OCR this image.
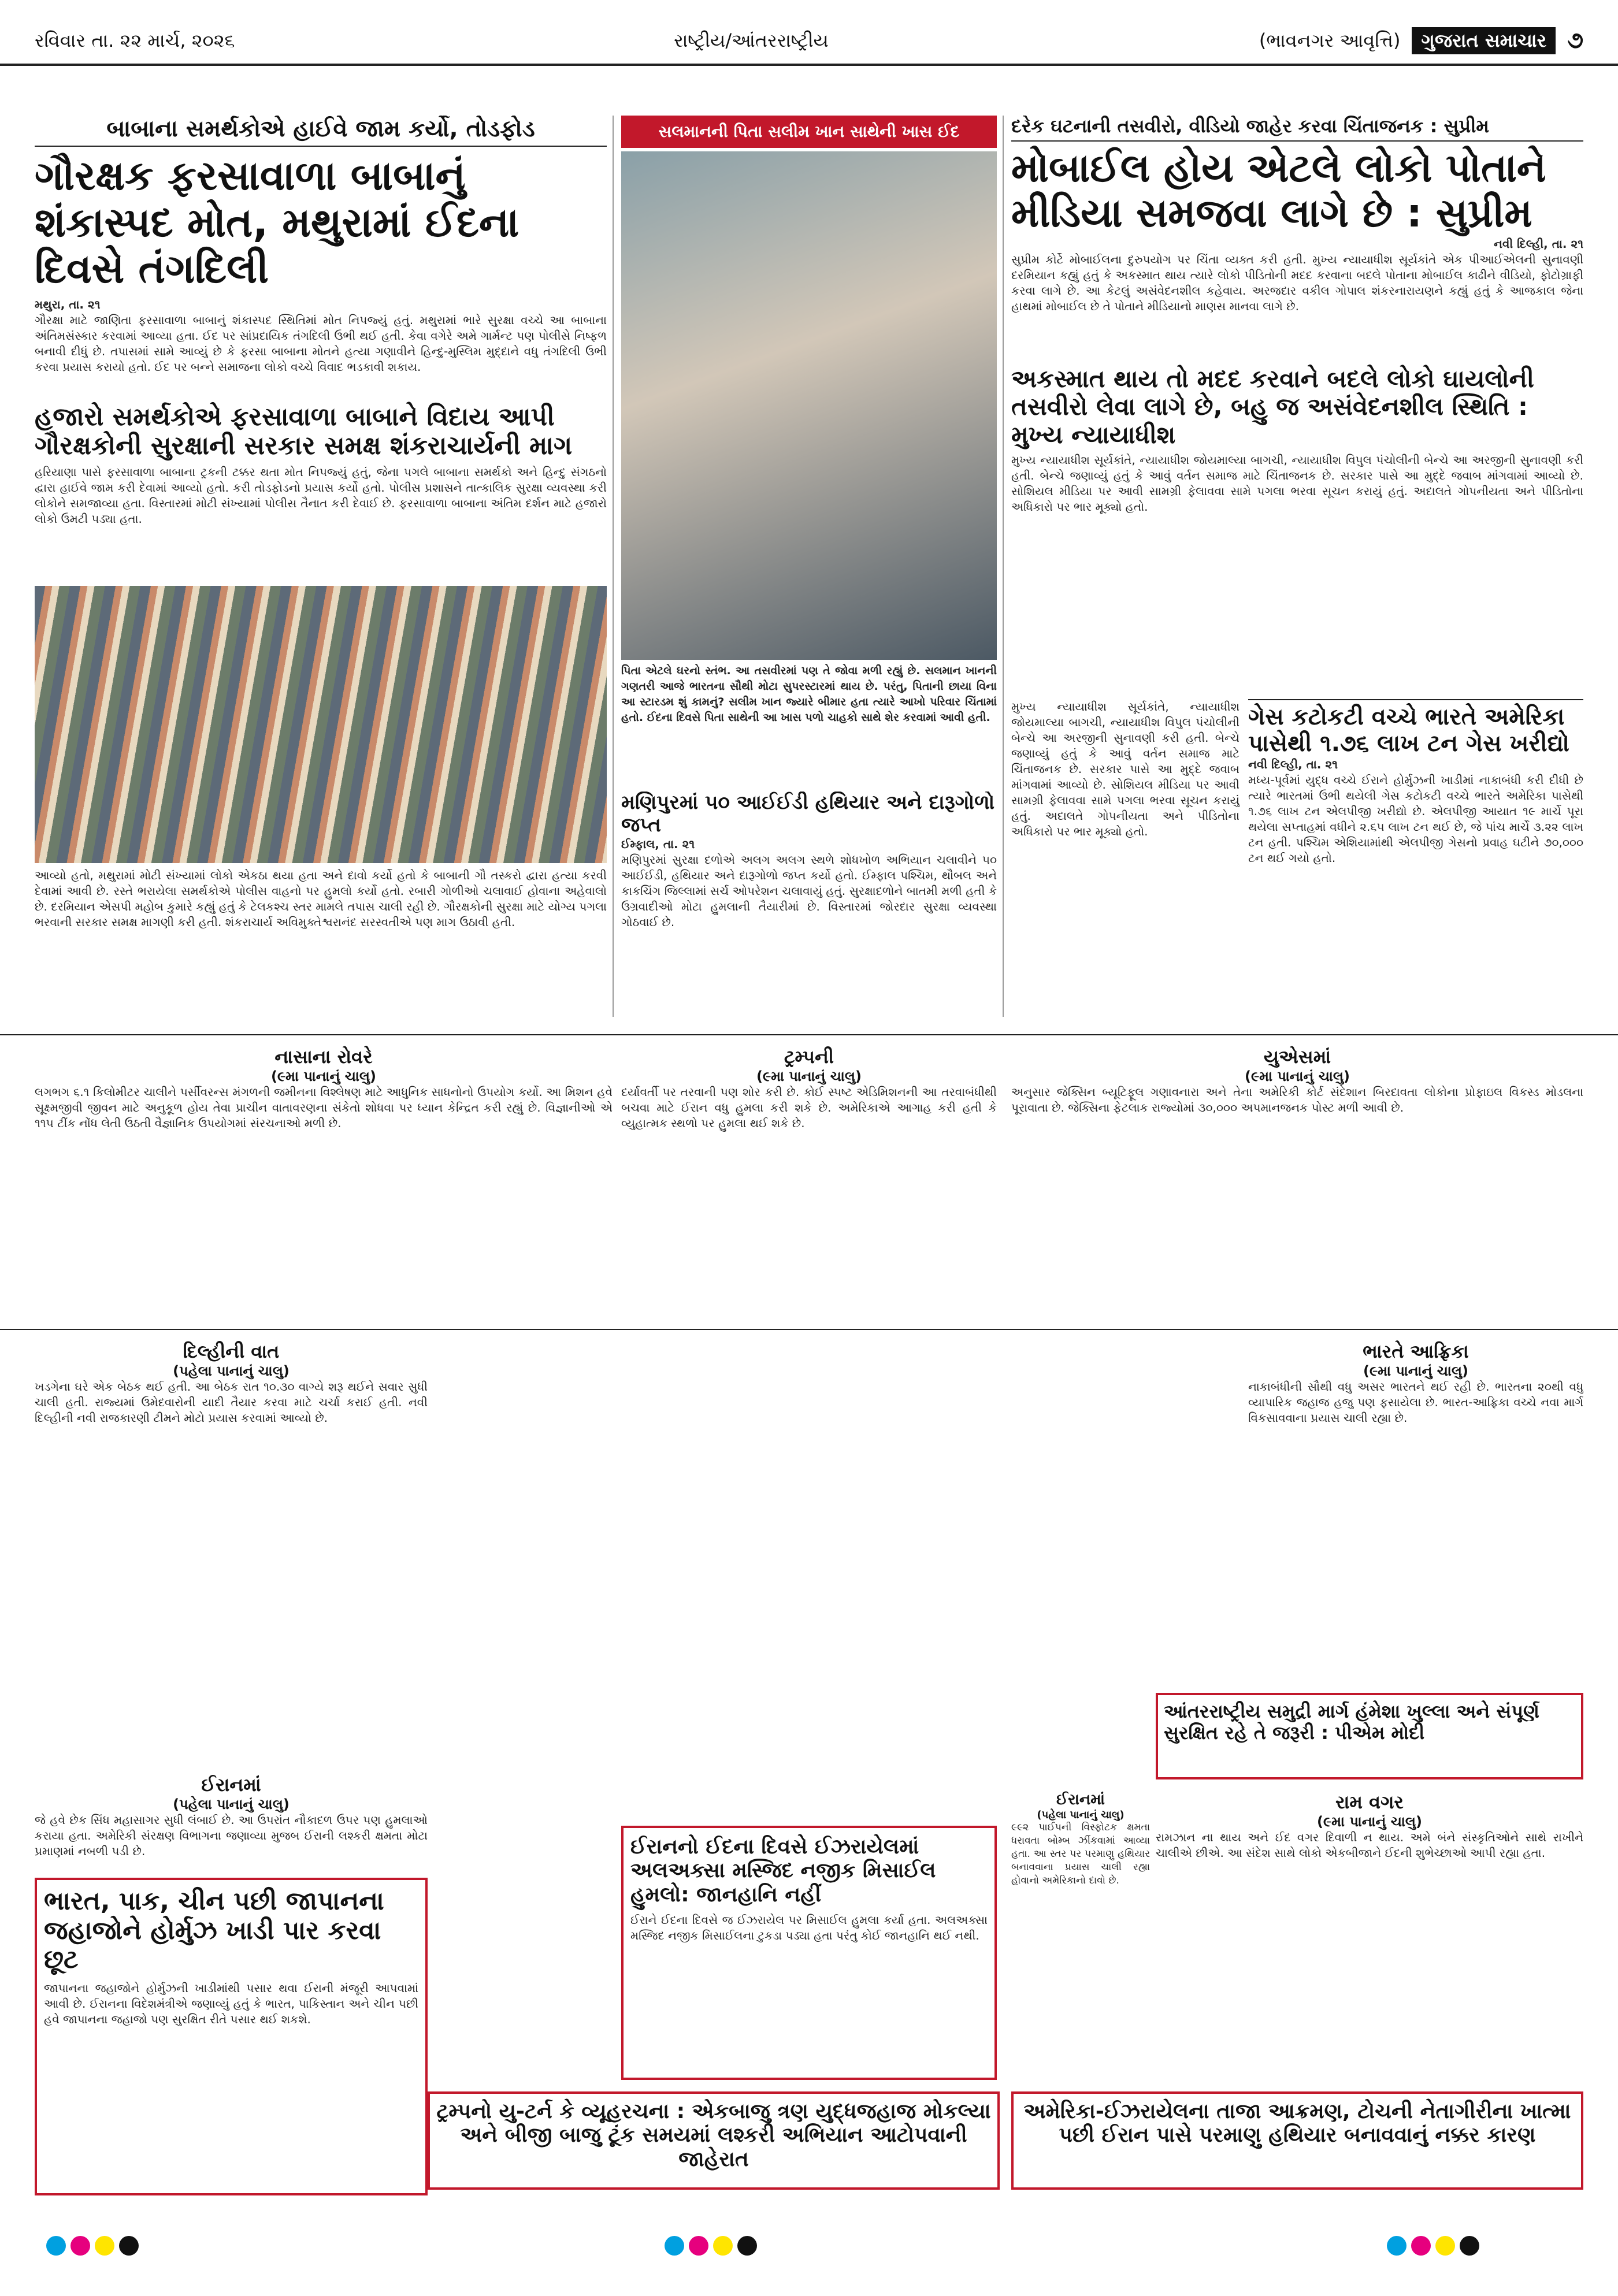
રવિવાર તા. ૨૨ માર્ચ, ૨૦૨૬	રાષ્ટ્રીય/આંતરરાષ્ટ્રીય	(ભાવનગર આવૃત્તિ)	ગુજરાત સમાચાર ૭
બાબાના સમર્થકોએ હાઈવે જામ કર્યો, તોડફોડ
ગૌરક્ષક ફરસાવાળા બાબાનું શંકાસ્પદ મોત, મથુરામાં ઈદના દિવસે તંગદિલી
મથુરા, તા. ૨૧
ગૌરક્ષા માટે જાણિતા ફરસાવાળા બાબાનું શંકાસ્પદ સ્થિતિમાં મોત નિપજ્યું હતું. મથુરામાં ભારે સુરક્ષા વચ્ચે આ બાબાના અંતિમસંસ્કાર કરવામાં આવ્યા હતા. ઈદ પર સાંપ્રદાયિક તંગદિલી ઉભી થઈ હતી. કેવા વગેરે અમે ગાર્મન્ટ પણ પોલીસે નિષ્ફળ બનાવી દીધું છે. તપાસમાં સામે આવ્યું છે કે ફરસા બાબાના મોતને હત્યા ગણાવીને હિન્દુ-મુસ્લિમ મુદ્દાને વધુ તંગદિલી ઉભી કરવા પ્રયાસ કરાયો હતો. ઈદ પર બન્ને સમાજના લોકો વચ્ચે વિવાદ ભડકાવી શકાય.
હજારો સમર્થકોએ ફરસાવાળા બાબાને વિદાય આપી ગૌરક્ષકોની સુરક્ષાની સરકાર સમક્ષ શંકરાચાર્યની માગ
હરિયાણા પાસે ફરસાવાળા બાબાના ટ્રકની ટક્કર થતા મોત નિપજ્યું હતું, જેના પગલે બાબાના સમર્થકો અને હિન્દુ સંગઠનો દ્વારા હાઈવે જામ કરી દેવામાં આવ્યો હતો. કરી તોડફોડનો પ્રયાસ કર્યો હતો. પોલીસ પ્રશાસને તાત્કાલિક સુરક્ષા વ્યવસ્થા કરી લોકોને સમજાવ્યા હતા. વિસ્તારમાં મોટી સંખ્યામાં પોલીસ તૈનાત કરી દેવાઈ છે. ફરસાવાળા બાબાના અંતિમ દર્શન માટે હજારો લોકો ઉમટી પડ્યા હતા.
આવ્યો હતો, મથુરામાં મોટી સંખ્યામાં લોકો એકઠા થયા હતા અને દાવો કર્યો હતો કે બાબાની ગૌ તસ્કરો દ્વારા હત્યા કરવી દેવામાં આવી છે. રસ્તે ભરાયેલા સમર્થકોએ પોલીસ વાહનો પર હુમલો કર્યો હતો. રબારી ગોળીઓ ચલાવાઈ હોવાના અહેવાલો છે. દરમિયાન એસપી મહોબ કુમારે કહ્યું હતું કે ટેલકશ્ચ સ્તર મામલે તપાસ ચાલી રહી છે. ગૌરક્ષકોની સુરક્ષા માટે યોગ્ય પગલા ભરવાની સરકાર સમક્ષ માગણી કરી હતી. શંકરાચાર્ય અવિમુક્તેશ્વરાનંદ સરસ્વતીએ પણ માગ ઉઠાવી હતી.
સલમાનની પિતા સલીમ ખાન સાથેની ખાસ ઈદ
પિતા એટલે ઘરનો સ્તંભ. આ તસવીરમાં પણ તે જોવા મળી રહ્યું છે. સલમાન ખાનની ગણતરી આજે ભારતના સૌથી મોટા સુપરસ્ટારમાં થાય છે. પરંતુ, પિતાની છાયા વિના આ સ્ટારડમ શું કામનું? સલીમ ખાન જ્યારે બીમાર હતા ત્યારે આખો પરિવાર ચિંતામાં હતો. ઈદના દિવસે પિતા સાથેની આ ખાસ પળો ચાહકો સાથે શેર કરવામાં આવી હતી.
મણિપુરમાં ૫૦ આઈઈડી હથિયાર અને દારૂગોળો જપ્ત
ઈમ્ફાલ, તા. ૨૧
મણિપુરમાં સુરક્ષા દળોએ અલગ અલગ સ્થળે શોધખોળ અભિયાન ચલાવીને ૫૦ આઈઈડી, હથિયાર અને દારૂગોળો જપ્ત કર્યો હતો. ઈમ્ફાલ પશ્ચિમ, થૌબલ અને કાકચિંગ જિલ્લામાં સર્ચ ઓપરેશન ચલાવાયું હતું. સુરક્ષાદળોને બાતમી મળી હતી કે ઉગ્રવાદીઓ મોટા હુમલાની તૈયારીમાં છે. વિસ્તારમાં જોરદાર સુરક્ષા વ્યવસ્થા ગોઠવાઈ છે.
દરેક ઘટનાની તસવીરો, વીડિયો જાહેર કરવા ચિંતાજનક : સુપ્રીમ
મોબાઈલ હોય એટલે લોકો પોતાને મીડિયા સમજવા લાગે છે : સુપ્રીમ
નવી દિલ્હી, તા. ૨૧
સુપ્રીમ કોર્ટે મોબાઈલના દુરુપયોગ પર ચિંતા વ્યક્ત કરી હતી. મુખ્ય ન્યાયાધીશ સૂર્યકાંતે એક પીઆઈએલની સુનાવણી દરમિયાન કહ્યું હતું કે અકસ્માત થાય ત્યારે લોકો પીડિતોની મદદ કરવાના બદલે પોતાના મોબાઈલ કાઢીને વીડિયો, ફોટોગ્રાફી કરવા લાગે છે. આ કેટલું અસંવેદનશીલ કહેવાય. અરજદાર વકીલ ગોપાલ શંકરનારાયણને કહ્યું હતું કે આજકાલ જેના હાથમાં મોબાઈલ છે તે પોતાને મીડિયાનો માણસ માનવા લાગે છે.
અકસ્માત થાય તો મદદ કરવાને બદલે લોકો ઘાયલોની તસવીરો લેવા લાગે છે, બહુ જ અસંવેદનશીલ સ્થિતિ : મુખ્ય ન્યાયાધીશ
મુખ્ય ન્યાયાધીશ સૂર્યકાંતે, ન્યાયાધીશ જોયમાલ્યા બાગચી, ન્યાયાધીશ વિપુલ પંચોલીની બેન્ચે આ અરજીની સુનાવણી કરી હતી. બેન્ચે જણાવ્યું હતું કે આવું વર્તન સમાજ માટે ચિંતાજનક છે. સરકાર પાસે આ મુદ્દે જવાબ માંગવામાં આવ્યો છે. સોશિયલ મીડિયા પર આવી સામગ્રી ફેલાવવા સામે પગલા ભરવા સૂચન કરાયું હતું. અદાલતે ગોપનીયતા અને પીડિતોના અધિકારો પર ભાર મૂક્યો હતો.
ગેસ કટોકટી વચ્ચે ભારતે અમેરિકા પાસેથી ૧.૭૬ લાખ ટન ગેસ ખરીદ્યો
નવી દિલ્હી, તા. ૨૧
મધ્ય-પૂર્વમાં યુદ્ધ વચ્ચે ઈરાને હોર્મુઝની ખાડીમાં નાકાબંધી કરી દીધી છે ત્યારે ભારતમાં ઉભી થયેલી ગેસ કટોકટી વચ્ચે ભારતે અમેરિકા પાસેથી ૧.૭૬ લાખ ટન એલપીજી ખરીદ્યો છે. એલપીજી આયાત ૧૯ માર્ચે પૂરા થયેલા સપ્તાહમાં વધીને ૨.૬૫ લાખ ટન થઈ છે, જે પાંચ માર્ચે ૩.૨૨ લાખ ટન હતી. પશ્ચિમ એશિયામાંથી એલપીજી ગેસનો પ્રવાહ ઘટીને ૭૦,૦૦૦ ટન થઈ ગયો હતો.
મુખ્ય ન્યાયાધીશ સૂર્યકાંતે, ન્યાયાધીશ જોયમાલ્યા બાગચી, ન્યાયાધીશ વિપુલ પંચોલીની બેન્ચે આ અરજીની સુનાવણી કરી હતી. બેન્ચે જણાવ્યું હતું કે આવું વર્તન સમાજ માટે ચિંતાજનક છે. સરકાર પાસે આ મુદ્દે જવાબ માંગવામાં આવ્યો છે. સોશિયલ મીડિયા પર આવી સામગ્રી ફેલાવવા સામે પગલા ભરવા સૂચન કરાયું હતું. અદાલતે ગોપનીયતા અને પીડિતોના અધિકારો પર ભાર મૂક્યો હતો.
નાસાના રોવરે
(૯મા પાનાનું ચાલુ)
લગભગ ૬.૧ કિલોમીટર ચાલીને પર્સીવરન્સ મંગળની જમીનના વિશ્લેષણ માટે આધુનિક સાધનોનો ઉપયોગ કર્યો. આ મિશન હવે સૂક્ષ્મજીવી જીવન માટે અનુકૂળ હોય તેવા પ્રાચીન વાતાવરણના સંકેતો શોધવા પર ધ્યાન કેન્દ્રિત કરી રહ્યું છે. વિજ્ઞાનીઓ એ ૧૧૫ ટીંક નોંધ લેતી ઉઠતી વૈજ્ઞાનિક ઉપયોગમાં સંરચનાઓ મળી છે.
ટ્રમ્પની
(૯મા પાનાનું ચાલુ)
દર્યાવર્તી પર તરવાની પણ શોર કરી છે. કોઈ સ્પષ્ટ એડિમિશનની આ તરવાબંધીથી બચવા માટે ઈરાન વધુ હુમલા કરી શકે છે. અમેરિકાએ આગાહ કરી હતી કે વ્યુહાત્મક સ્થળો પર હુમલા થઈ શકે છે.
યુએસમાં
(૯મા પાનાનું ચાલુ)
અનુસાર જેક્સિન બ્યૂટિફૂલ ગણાવનારા અને તેના અમેરિકી કોર્ટ સંદેશાન બિરદાવતા લોકોના પ્રોફાઇલ વિકસ્ડ મોડલના પૂરાવાતા છે. જેક્સિના ફેટલાક રાજ્યોમાં ૩૦,૦૦૦ અપમાનજનક પોસ્ટ મળી આવી છે.
દિલ્હીની વાત
(પહેલા પાનાનું ચાલુ)
ખડગેના ઘરે એક બેઠક થઈ હતી. આ બેઠક રાત ૧૦.૩૦ વાગ્યે શરૂ થઈને સવાર સુધી ચાલી હતી. રાજ્યમાં ઉમેદવારોની યાદી તૈયાર કરવા માટે ચર્ચા કરાઈ હતી. નવી દિલ્હીની નવી રાજકારણી ટીમને મોટો પ્રયાસ કરવામાં આવ્યો છે.
ભારતે આફ્રિકા
(૯મા પાનાનું ચાલુ)
નાકાબંધીની સૌથી વધુ અસર ભારતને થઈ રહી છે. ભારતના ૨૦થી વધુ વ્યાપારિક જહાજ હજુ પણ ફસાયેલા છે. ભારત-આફ્રિકા વચ્ચે નવા માર્ગ વિકસાવવાના પ્રયાસ ચાલી રહ્યા છે.
આંતરરાષ્ટ્રીય સમુદ્રી માર્ગ હંમેશા ખુલ્લા અને સંપૂર્ણ સુરક્ષિત રહે તે જરૂરી : પીએમ મોદી
રામ વગર
(૯મા પાનાનું ચાલુ)
રામઝાન ના થાય અને ઈદ વગર દિવાળી ન થાય. અમે બંને સંસ્કૃતિઓને સાથે રાખીને ચાલીએ છીએ. આ સંદેશ સાથે લોકો એકબીજાને ઈદની શુભેચ્છાઓ આપી રહ્યા હતા.
ઈરાનમાં
(પહેલા પાનાનું ચાલુ)
જે હવે છેક સિંધ મહાસાગર સુધી લંબાઈ છે. આ ઉપરાંત નૌકાદળ ઉપર પણ હુમલાઓ કરાયા હતા. અમેરિકી સંરક્ષણ વિભાગના જણાવ્યા મુજબ ઈરાની લશ્કરી ક્ષમતા મોટા પ્રમાણમાં નબળી પડી છે.
ભારત, પાક, ચીન પછી જાપાનના જહાજોને હોર્મુઝ ખાડી પાર કરવા છૂટ
જાપાનના જહાજોને હોર્મુઝની ખાડીમાંથી પસાર થવા ઈરાની મંજૂરી આપવામાં આવી છે. ઈરાનના વિદેશમંત્રીએ જણાવ્યું હતું કે ભારત, પાકિસ્તાન અને ચીન પછી હવે જાપાનના જહાજો પણ સુરક્ષિત રીતે પસાર થઈ શકશે.
ઈરાનનો ઈદના દિવસે ઈઝરાયેલમાં અલઅક્સા મસ્જિદ નજીક મિસાઈલ હુમલો: જાનહાનિ નહીં
ઈરાને ઈદના દિવસે જ ઈઝરાયેલ પર મિસાઈલ હુમલા કર્યા હતા. અલઅક્સા મસ્જિદ નજીક મિસાઈલના ટુકડા પડ્યા હતા પરંતુ કોઈ જાનહાનિ થઈ નથી.
ઈરાનમાં
(પહેલા પાનાનું ચાલુ)
૯૯૨ પાઈપની વિસ્ફોટક ક્ષમતા ધરાવતા બોમ્બ ઝીંકવામાં આવ્યા હતા. આ સ્તર પર પરમાણુ હથિયાર બનાવવાના પ્રયાસ ચાલી રહ્યા હોવાનો અમેરિકાનો દાવો છે.
ટ્રમ્પનો યુ-ટર્ન કે વ્યૂહરચના : એકબાજુ ત્રણ યુદ્ધજહાજ મોકલ્યા અને બીજી બાજુ ટૂંક સમયમાં લશ્કરી અભિયાન આટોપવાની જાહેરાત
અમેરિકા-ઈઝરાયેલના તાજા આક્રમણ, ટોચની નેતાગીરીના ખાત્મા પછી ઈરાન પાસે પરમાણુ હથિયાર બનાવવાનું નક્કર કારણ
